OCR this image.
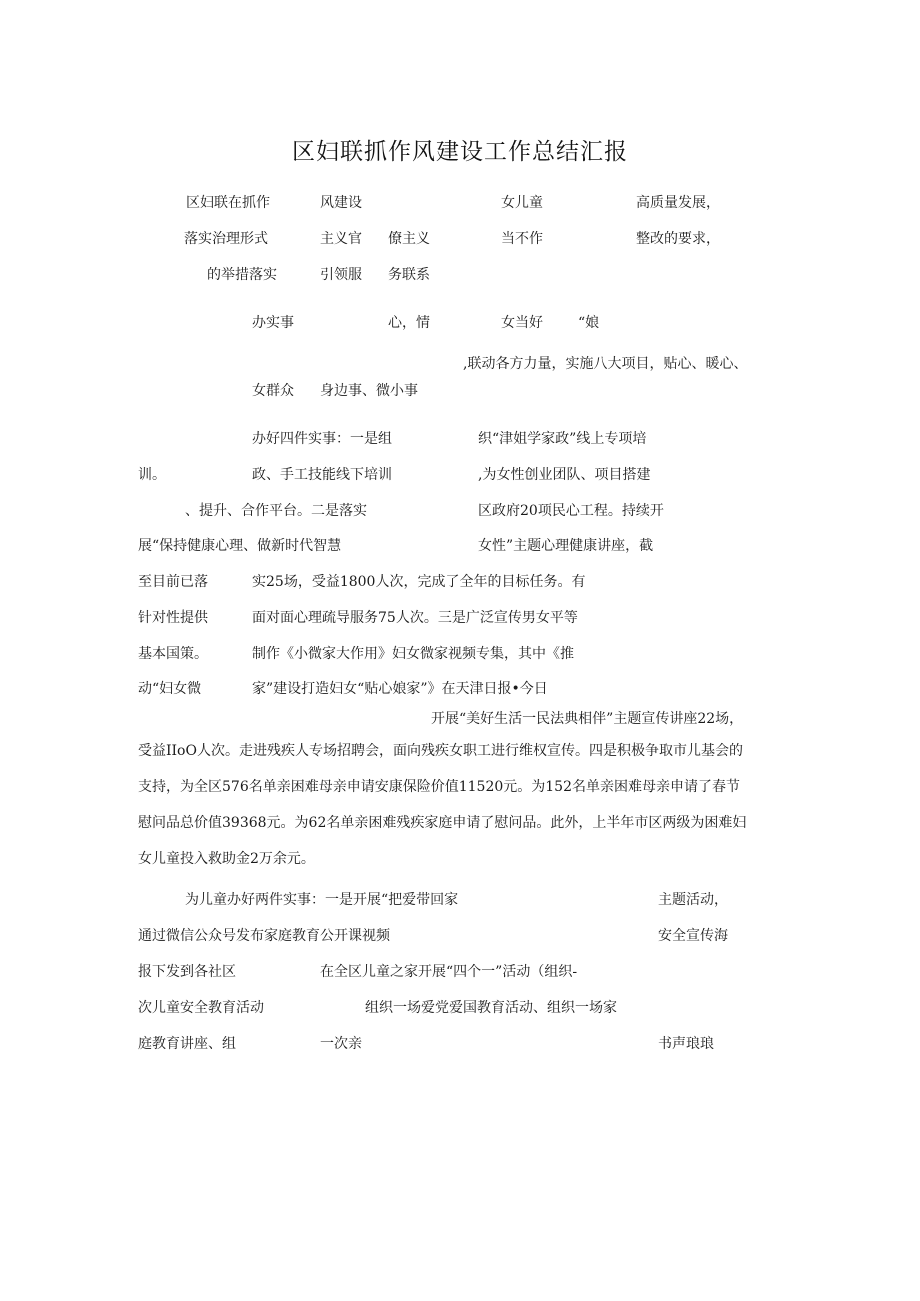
区妇联抓作风建设工作总结汇报
区妇联在抓作	风建设	女儿童	高质量发展，
落实治理形式	主义官 僚主义	当不作	整改的要求，
的举措落实	引领服 务联系
办实事	心，情	女当好	“娘
,联动各方力量，实施八大项目，贴心、暖心、
女群众 身边事、微小事
办好四件实事：一是组	织“津姐学家政”线上专项培
训。	政、手工技能线下培训	,为女性创业团队、项目搭建
、提升、合作平台。二是落实	区政府20项民心工程。持续开
展“保持健康心理、做新时代智慧	女性”主题心理健康讲座，截
至目前已落	实25场，受益1800人次，完成了全年的目标任务。有
针对性提供	面对面心理疏导服务75人次。三是广泛宣传男女平等
基本国策。	制作《小微家大作用》妇女微家视频专集，其中《推
动“妇女微	家”建设打造妇女“贴心娘家”》在天津日报•今日
开展“美好生活一民法典相伴”主题宣传讲座22场，
受益IIoO人次。走进残疾人专场招聘会，面向残疾女职工进行维权宣传。四是积极争取市儿基会的
支持，为全区576名单亲困难母亲申请安康保险价值11520元。为152名单亲困难母亲申请了春节
慰问品总价值39368元。为62名单亲困难残疾家庭申请了慰问品。此外，上半年市区两级为困难妇
女儿童投入救助金2万余元。
为儿童办好两件实事：一是开展“把爱带回家	主题活动，
通过微信公众号发布家庭教育公开课视频	安全宣传海
报下发到各社区	在全区儿童之家开展“四个一”活动（组织-
次儿童安全教育活动	组织一场爱党爱国教育活动、组织一场家
庭教育讲座、组	一次亲	书声琅琅
